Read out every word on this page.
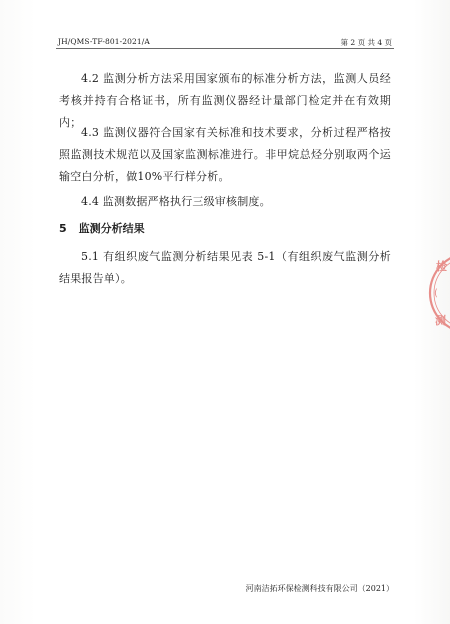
JH/QMS-TF-801-2021/A	第 2 页 共 4 页
4.2 监测分析方法采用国家颁布的标准分析方法，监测人员经考核并持有合格证书，所有监测仪器经计量部门检定并在有效期内；
4.3 监测仪器符合国家有关标准和技术要求，分析过程严格按照监测技术规范以及国家监测标准进行。非甲烷总烃分别取两个运输空白分析，做10%平行样分析。
4.4 监测数据严格执行三级审核制度。
5 监测分析结果
5.1 有组织废气监测分析结果见表 5-1（有组织废气监测分析结果报告单）。
检
(
测
河南洁拓环保检测科技有限公司（2021）
